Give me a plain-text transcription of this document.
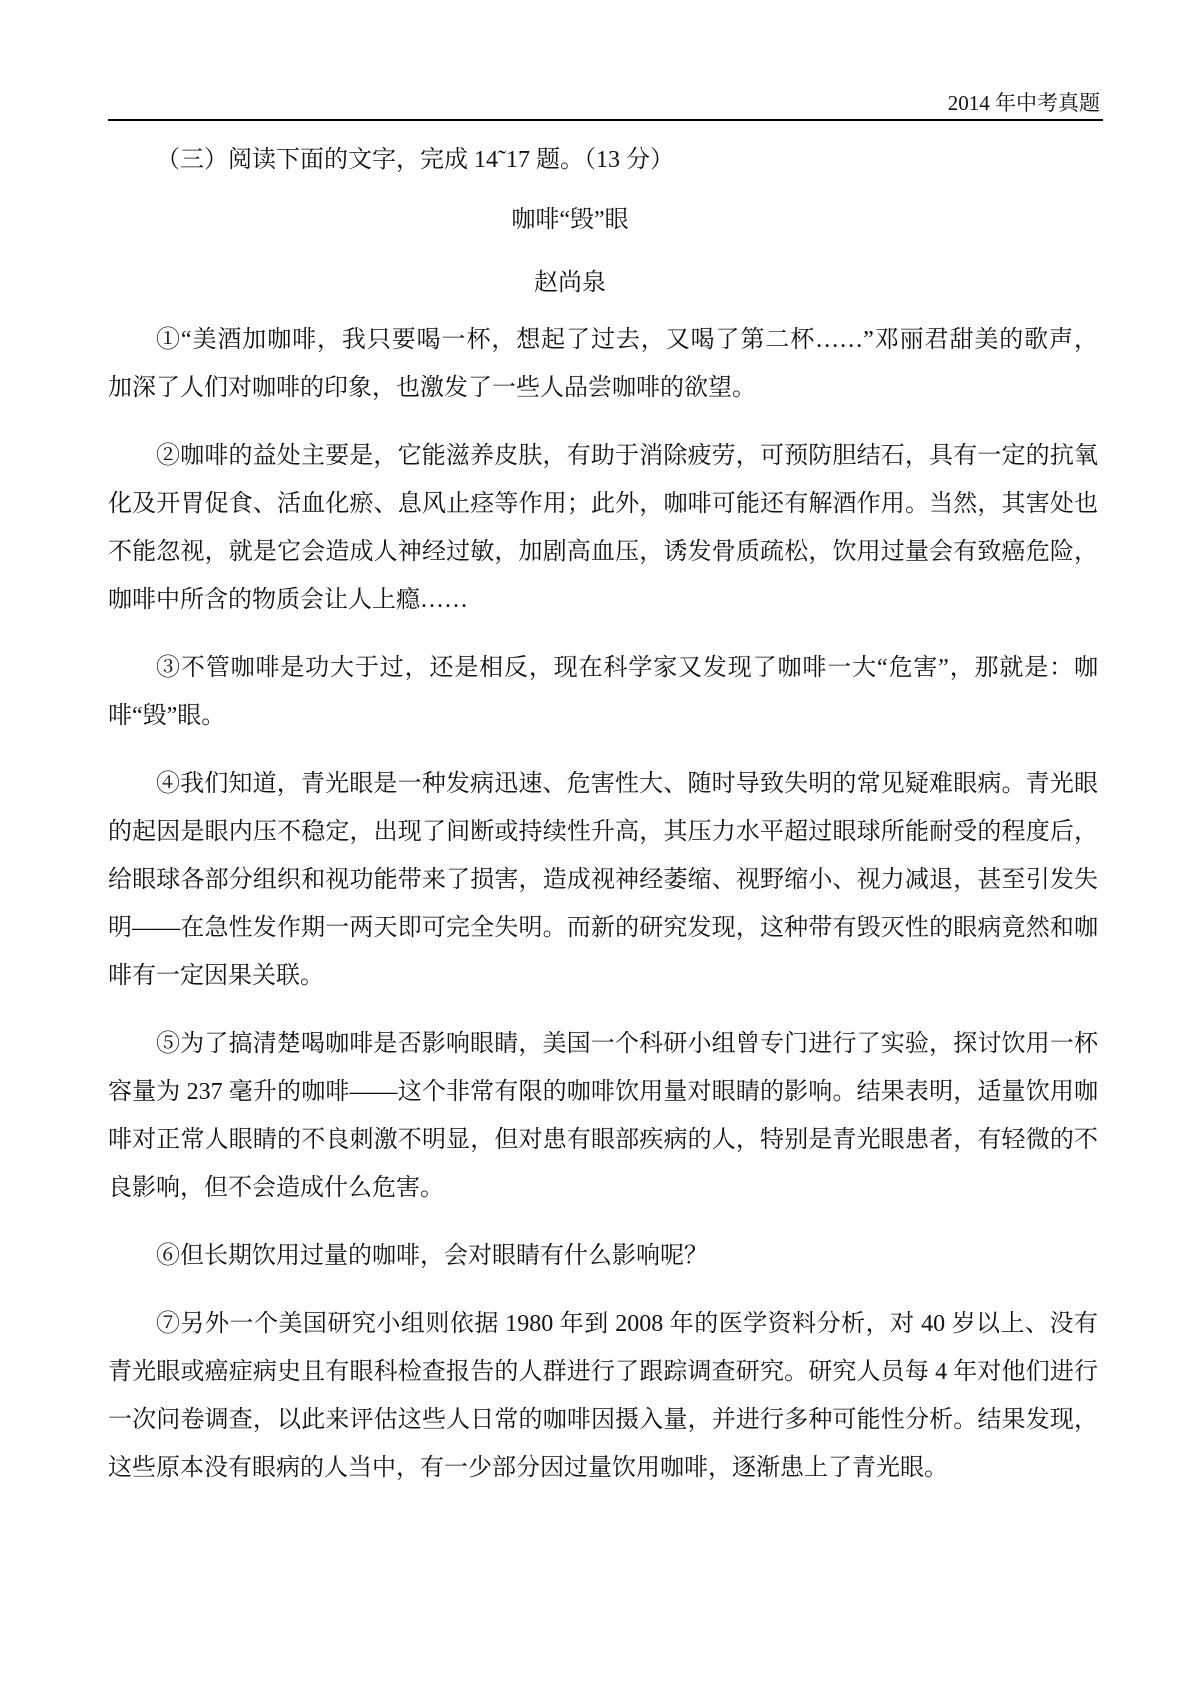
2014 年中考真题
（三）阅读下面的文字，完成 14˜17 题。（13 分）
咖啡“毁”眼
赵尚泉
①“美酒加咖啡，我只要喝一杯，想起了过去，又喝了第二杯……”邓丽君甜美的歌声，
加深了人们对咖啡的印象，也激发了一些人品尝咖啡的欲望。
②咖啡的益处主要是，它能滋养皮肤，有助于消除疲劳，可预防胆结石，具有一定的抗氧
化及开胃促食、活血化瘀、息风止痉等作用；此外，咖啡可能还有解酒作用。当然，其害处也
不能忽视，就是它会造成人神经过敏，加剧高血压，诱发骨质疏松，饮用过量会有致癌危险，
咖啡中所含的物质会让人上瘾……
③不管咖啡是功大于过，还是相反，现在科学家又发现了咖啡一大“危害”，那就是：咖
啡“毁”眼。
④我们知道，青光眼是一种发病迅速、危害性大、随时导致失明的常见疑难眼病。青光眼
的起因是眼内压不稳定，出现了间断或持续性升高，其压力水平超过眼球所能耐受的程度后，
给眼球各部分组织和视功能带来了损害，造成视神经萎缩、视野缩小、视力减退，甚至引发失
明——在急性发作期一两天即可完全失明。而新的研究发现，这种带有毁灭性的眼病竟然和咖
啡有一定因果关联。
⑤为了搞清楚喝咖啡是否影响眼睛，美国一个科研小组曾专门进行了实验，探讨饮用一杯
容量为 237 毫升的咖啡——这个非常有限的咖啡饮用量对眼睛的影响。结果表明，适量饮用咖
啡对正常人眼睛的不良刺激不明显，但对患有眼部疾病的人，特别是青光眼患者，有轻微的不
良影响，但不会造成什么危害。
⑥但长期饮用过量的咖啡，会对眼睛有什么影响呢？
⑦另外一个美国研究小组则依据 1980 年到 2008 年的医学资料分析，对 40 岁以上、没有
青光眼或癌症病史且有眼科检查报告的人群进行了跟踪调查研究。研究人员每 4 年对他们进行
一次问卷调查，以此来评估这些人日常的咖啡因摄入量，并进行多种可能性分析。结果发现，
这些原本没有眼病的人当中，有一少部分因过量饮用咖啡，逐渐患上了青光眼。
